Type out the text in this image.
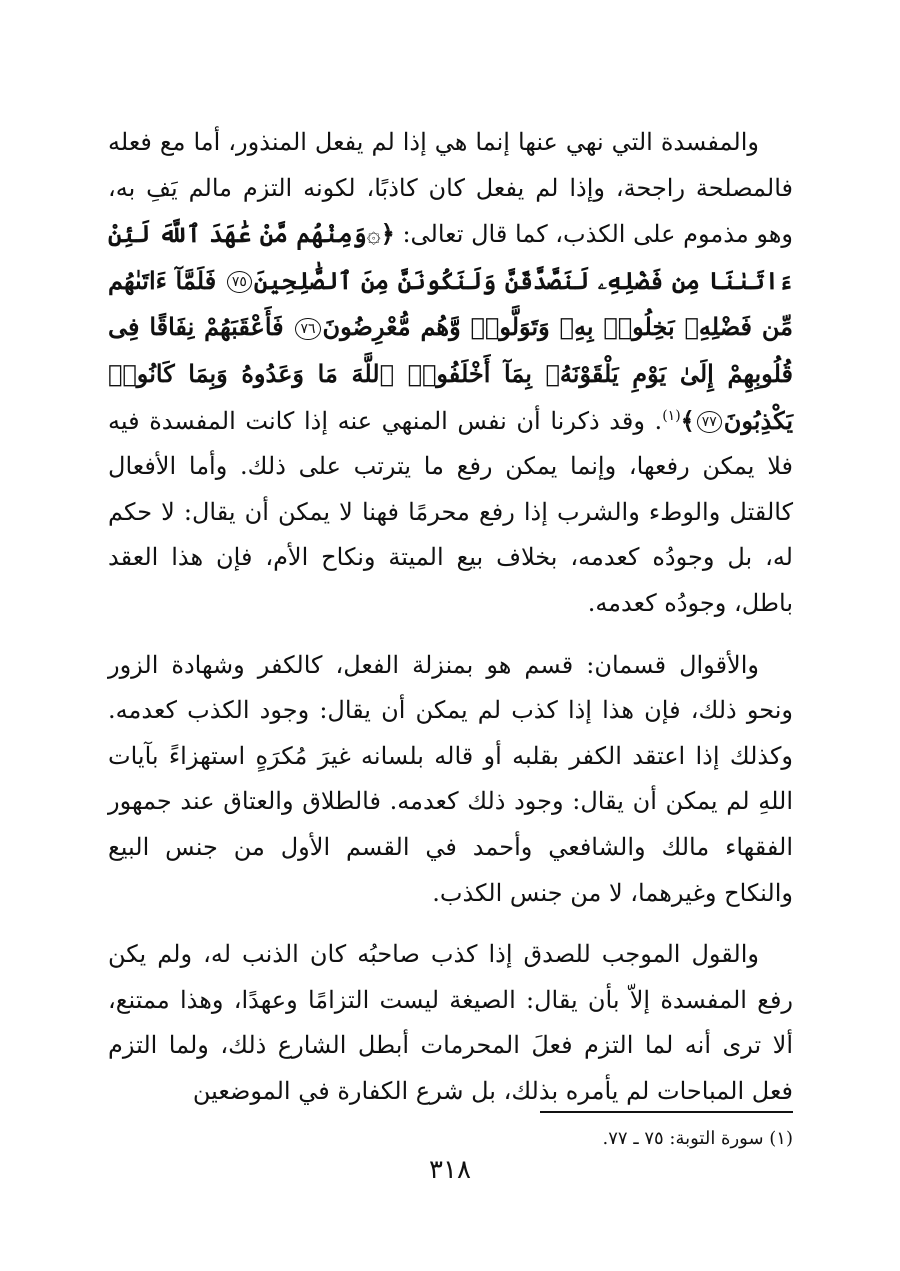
والمفسدة التي نهي عنها إنما هي إذا لم يفعل المنذور، أما مع فعله فالمصلحة راجحة، وإذا لم يفعل كان كاذبًا، لكونه التزم مالم يَفِ به، وهو مذموم على الكذب، كما قال تعالى: ﴿۞وَمِنْهُم مَّنْ عَٰهَدَ ٱللَّهَ لَئِنْ ءَاتَىٰنَا مِن فَضْلِهِۦ لَنَصَّدَّقَنَّ وَلَنَكُونَنَّ مِنَ ٱلصَّٰلِحِينَ٧٥ فَلَمَّآ ءَاتَىٰهُم مِّن فَضْلِهِۦ بَخِلُوا۟ بِهِۦ وَتَوَلَّوا۟ وَّهُم مُّعْرِضُونَ٧٦ فَأَعْقَبَهُمْ نِفَاقًا فِى قُلُوبِهِمْ إِلَىٰ يَوْمِ يَلْقَوْنَهُۥ بِمَآ أَخْلَفُوا۟ ٱللَّهَ مَا وَعَدُوهُ وَبِمَا كَانُوا۟ يَكْذِبُونَ٧٧﴾$^{(١)}$. وقد ذكرنا أن نفس المنهي عنه إذا كانت المفسدة فيه فلا يمكن رفعها، وإنما يمكن رفع ما يترتب على ذلك. وأما الأفعال كالقتل والوطء والشرب إذا رفع محرمًا فهنا لا يمكن أن يقال: لا حكم له، بل وجودُه كعدمه، بخلاف بيع الميتة ونكاح الأم، فإن هذا العقد باطل، وجودُه كعدمه.

والأقوال قسمان: قسم هو بمنزلة الفعل، كالكفر وشهادة الزور ونحو ذلك، فإن هذا إذا كذب لم يمكن أن يقال: وجود الكذب كعدمه. وكذلك إذا اعتقد الكفر بقلبه أو قاله بلسانه غيرَ مُكرَهٍ استهزاءً بآيات اللهِ لم يمكن أن يقال: وجود ذلك كعدمه. فالطلاق والعتاق عند جمهور الفقهاء مالك والشافعي وأحمد في القسم الأول من جنس البيع والنكاح وغيرهما، لا من جنس الكذب.

والقول الموجب للصدق إذا كذب صاحبُه كان الذنب له، ولم يكن رفع المفسدة إلاّ بأن يقال: الصيغة ليست التزامًا وعهدًا، وهذا ممتنع، ألا ترى أنه لما التزم فعلَ المحرمات أبطل الشارع ذلك، ولما التزم فعل المباحات لم يأمره بذلك، بل شرع الكفارة في الموضعين

(١) سورة التوبة: ٧٥ ـ ٧٧.
٣١٨
